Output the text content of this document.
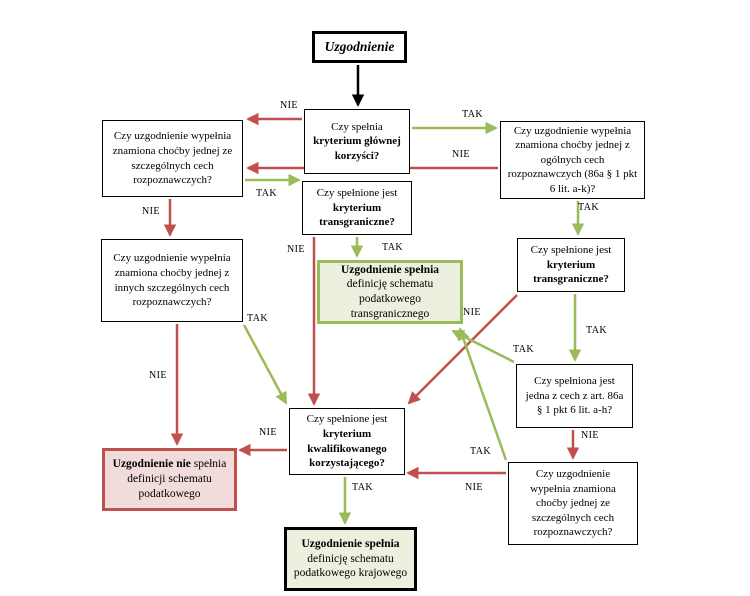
Uzgodnienie
Czy spełnia kryterium głównej korzyści?
Czy uzgodnienie wypełnia znamiona choćby jednej ze szczególnych cech rozpoznawczych?
Czy uzgodnienie wypełnia znamiona choćby jednej z ogólnych cech rozpoznawczych (86a § 1 pkt 6 lit. a-k)?
Czy spełnione jest kryterium transgraniczne?
Uzgodnienie spełnia definicję schematu podatkowego transgranicznego
Czy uzgodnienie wypełnia znamiona choćby jednej z innych szczególnych cech rozpoznawczych?
Czy spełnione jest kryterium transgraniczne?
Czy spełniona jest jedna z cech z art. 86a § 1 pkt 6 lit. a-h?
Czy spełnione jest kryterium kwalifikowanego korzystającego?
Czy uzgodnienie wypełnia znamiona choćby jednej ze szczególnych cech rozpoznawczych?
Uzgodnienie nie spełnia definicji schematu podatkowego
Uzgodnienie spełnia definicję schematu podatkowego krajowego
NIE
TAK
NIE
TAK
NIE	TAK
NIE	TAK
NIE
TAK
TAK
TAK
NIE
NIE	NIE
TAK
NIE
TAK
